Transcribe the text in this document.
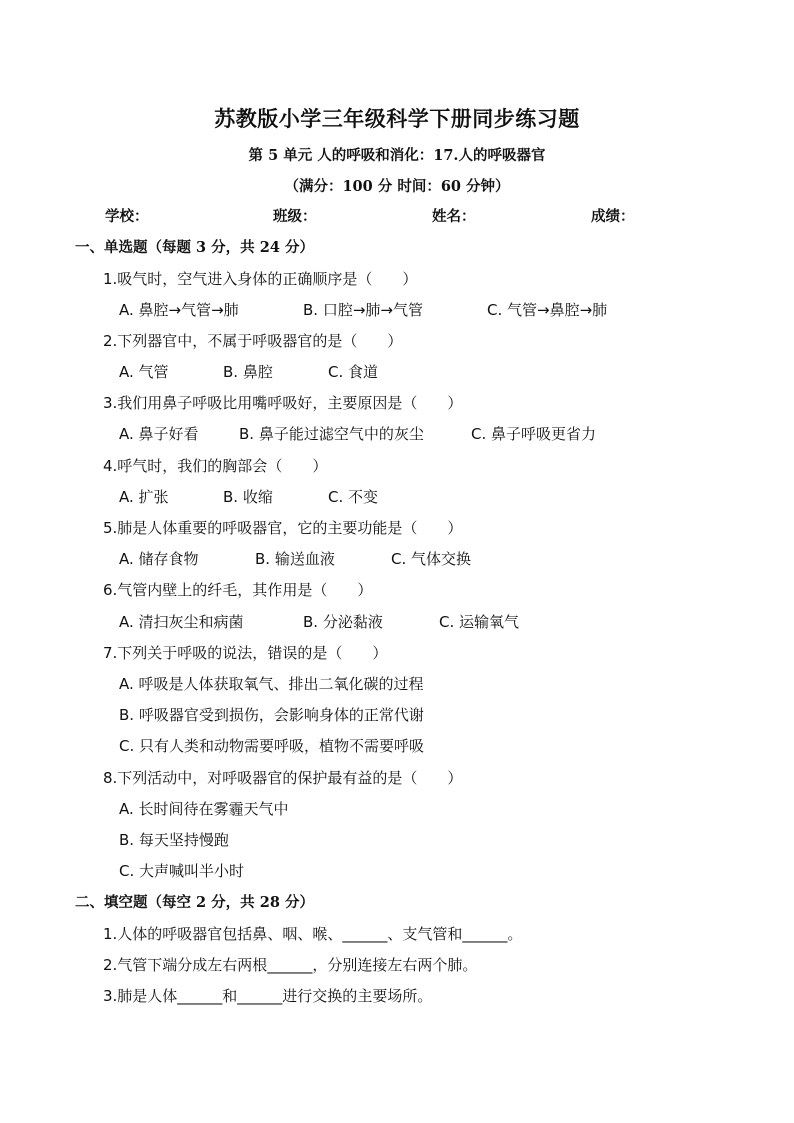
苏教版小学三年级科学下册同步练习题
第 5 单元 人的呼吸和消化：17.人的呼吸器官
（满分：100 分 时间：60 分钟）
学校：	班级：	姓名：	成绩：
一、单选题（每题 3 分，共 24 分）
1.吸气时，空气进入身体的正确顺序是（　　）
A. 鼻腔→气管→肺	B. 口腔→肺→气管	C. 气管→鼻腔→肺
2.下列器官中，不属于呼吸器官的是（　　）
A. 气管	B. 鼻腔	C. 食道
3.我们用鼻子呼吸比用嘴呼吸好，主要原因是（　　）
A. 鼻子好看	B. 鼻子能过滤空气中的灰尘	C. 鼻子呼吸更省力
4.呼气时，我们的胸部会（　　）
A. 扩张	B. 收缩	C. 不变
5.肺是人体重要的呼吸器官，它的主要功能是（　　）
A. 储存食物	B. 输送血液	C. 气体交换
6.气管内壁上的纤毛，其作用是（　　）
A. 清扫灰尘和病菌	B. 分泌黏液	C. 运输氧气
7.下列关于呼吸的说法，错误的是（　　）
A. 呼吸是人体获取氧气、排出二氧化碳的过程
B. 呼吸器官受到损伤，会影响身体的正常代谢
C. 只有人类和动物需要呼吸，植物不需要呼吸
8.下列活动中，对呼吸器官的保护最有益的是（　　）
A. 长时间待在雾霾天气中
B. 每天坚持慢跑
C. 大声喊叫半小时
二、填空题（每空 2 分，共 28 分）
1.人体的呼吸器官包括鼻、咽、喉、______、支气管和______。
2.气管下端分成左右两根______，分别连接左右两个肺。
3.肺是人体______和______进行交换的主要场所。
